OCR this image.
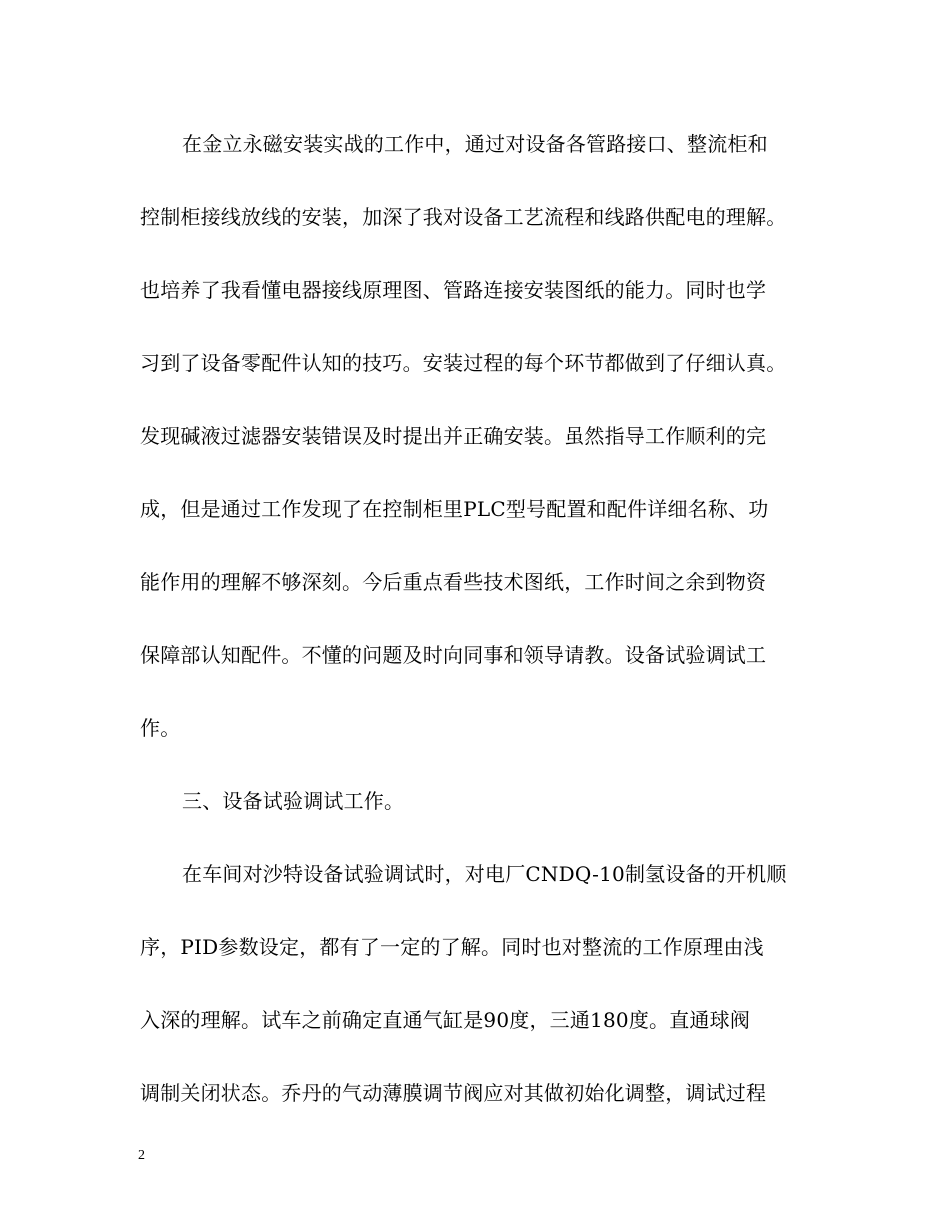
在金立永磁安装实战的工作中，通过对设备各管路接口、整流柜和
控制柜接线放线的安装，加深了我对设备工艺流程和线路供配电的理解。
也培养了我看懂电器接线原理图、管路连接安装图纸的能力。同时也学
习到了设备零配件认知的技巧。安装过程的每个环节都做到了仔细认真。
发现碱液过滤器安装错误及时提出并正确安装。虽然指导工作顺利的完
成，但是通过工作发现了在控制柜里PLC型号配置和配件详细名称、功
能作用的理解不够深刻。今后重点看些技术图纸，工作时间之余到物资
保障部认知配件。不懂的问题及时向同事和领导请教。设备试验调试工
作。
三、设备试验调试工作。
在车间对沙特设备试验调试时，对电厂CNDQ-10制氢设备的开机顺
序，PID参数设定，都有了一定的了解。同时也对整流的工作原理由浅
入深的理解。试车之前确定直通气缸是90度，三通180度。直通球阀
调制关闭状态。乔丹的气动薄膜调节阀应对其做初始化调整，调试过程
2
